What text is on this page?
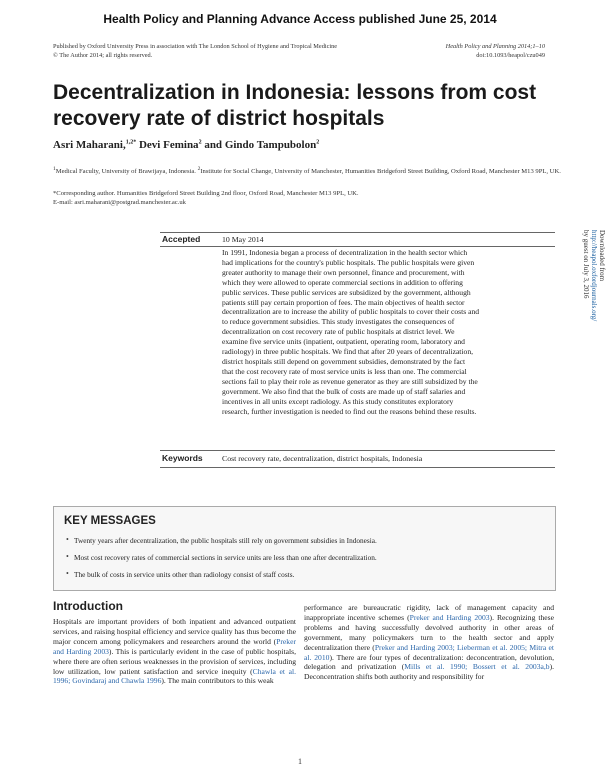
Health Policy and Planning Advance Access published June 25, 2014
Published by Oxford University Press in association with The London School of Hygiene and Tropical Medicine
© The Author 2014; all rights reserved.
Health Policy and Planning 2014;1–10
doi:10.1093/heapol/czu049
Decentralization in Indonesia: lessons from cost
recovery rate of district hospitals
Asri Maharani,$^{1,2*}$ Devi Femina$^2$ and Gindo Tampubolon$^2$
$^1$Medical Faculty, University of Brawijaya, Indonesia. $^2$Institute for Social Change, University of Manchester, Humanities Bridgeford Street Building, Oxford Road, Manchester M13 9PL, UK.
*Corresponding author. Humanities Bridgeford Street Building 2nd floor, Oxford Road, Manchester M13 9PL, UK.
E-mail: asri.maharani@postgrad.manchester.ac.uk
Accepted	10 May 2014
In 1991, Indonesia began a process of decentralization in the health sector which
had implications for the country's public hospitals. The public hospitals were given
greater authority to manage their own personnel, finance and procurement, with
which they were allowed to operate commercial sections in addition to offering
public services. These public services are subsidized by the government, although
patients still pay certain proportion of fees. The main objectives of health sector
decentralization are to increase the ability of public hospitals to cover their costs and
to reduce government subsidies. This study investigates the consequences of
decentralization on cost recovery rate of public hospitals at district level. We
examine five service units (inpatient, outpatient, operating room, laboratory and
radiology) in three public hospitals. We find that after 20 years of decentralization,
district hospitals still depend on government subsidies, demonstrated by the fact
that the cost recovery rate of most service units is less than one. The commercial
sections fail to play their role as revenue generator as they are still subsidized by the
government. We also find that the bulk of costs are made up of staff salaries and
incentives in all units except radiology. As this study constitutes exploratory
research, further investigation is needed to find out the reasons behind these results.
Keywords Cost recovery rate, decentralization, district hospitals, Indonesia
Downloaded from
http://heapol.oxfordjournals.org/
by guest on July 3, 2016
KEY MESSAGES
• Twenty years after decentralization, the public hospitals still rely on government subsidies in Indonesia.
• Most cost recovery rates of commercial sections in service units are less than one after decentralization.
• The bulk of costs in service units other than radiology consist of staff costs.
Introduction
Hospitals are important providers of both inpatient and advanced outpatient services, and raising hospital efficiency and service quality has thus become the major concern among policymakers and researchers around the world (Preker and Harding 2003). This is particularly evident in the case of public hospitals, where there are often serious weaknesses in the provision of services, including low utilization, low patient satisfaction and service inequity (Chawla et al. 1996; Govindaraj and Chawla 1996). The main contributors to this weak
performance are bureaucratic rigidity, lack of management capacity and inappropriate incentive schemes (Preker and Harding 2003). Recognizing these problems and having successfully devolved authority in other areas of government, many policymakers turn to the health sector and apply decentralization there (Preker and Harding 2003; Lieberman et al. 2005; Mitra et al. 2010). There are four types of decentralization: deconcentration, devolution, delegation and privatization (Mills et al. 1990; Bossert et al. 2003a,b). Deconcentration shifts both authority and responsibility for
1
